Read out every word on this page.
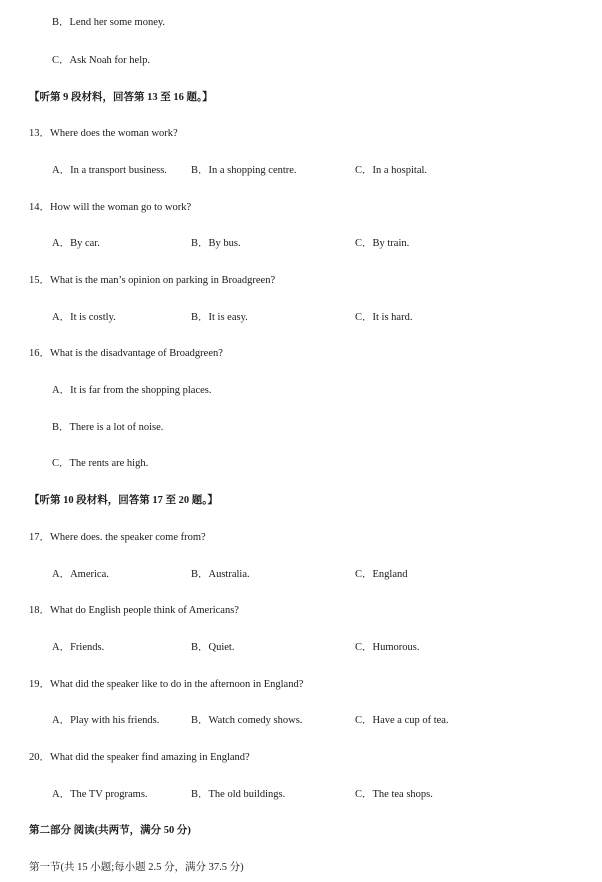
B．Lend her some money.
C．Ask Noah for help.
【听第 9 段材料，回答第 13 至 16 题。】
13．Where does the woman work?
A．In a transport business. B．In a shopping centre.	C．In a hospital.
14．How will the woman go to work?
A．By car.	B．By bus.	C．By train.
15．What is the man’s opinion on parking in Broadgreen?
A．It is costly.	B．It is easy.	C．It is hard.
16．What is the disadvantage of Broadgreen?
A．It is far from the shopping places.
B．There is a lot of noise.
C．The rents are high.
【听第 10 段材料，回答第 17 至 20 题。】
17．Where does. the speaker come from?
A．America.	B．Australia.	C．England
18．What do English people think of Americans?
A．Friends.	B．Quiet.	C．Humorous.
19．What did the speaker like to do in the afternoon in England?
A．Play with his friends.	B．Watch comedy shows.	C．Have a cup of tea.
20．What did the speaker find amazing in England?
A．The TV programs.	B．The old buildings.	C．The tea shops.
第二部分 阅读(共两节，满分 50 分)
第一节(共 15 小题;每小题 2.5 分，满分 37.5 分)
